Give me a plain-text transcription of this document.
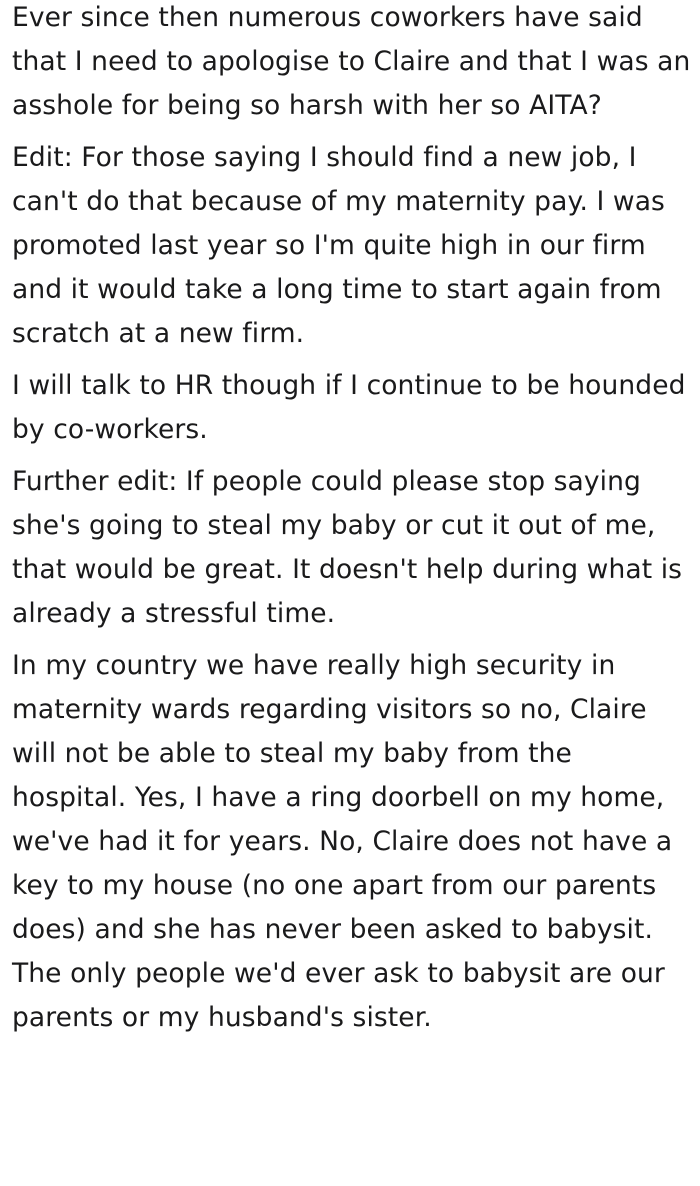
Ever since then numerous coworkers have said that I need to apologise to Claire and that I was an asshole for being so harsh with her so AITA?

Edit: For those saying I should find a new job, I can't do that because of my maternity pay. I was promoted last year so I'm quite high in our firm and it would take a long time to start again from scratch at a new firm.

I will talk to HR though if I continue to be hounded by co-workers.

Further edit: If people could please stop saying she's going to steal my baby or cut it out of me, that would be great. It doesn't help during what is already a stressful time.

In my country we have really high security in maternity wards regarding visitors so no, Claire will not be able to steal my baby from the hospital. Yes, I have a ring doorbell on my home, we've had it for years. No, Claire does not have a key to my house (no one apart from our parents does) and she has never been asked to babysit. The only people we'd ever ask to babysit are our parents or my husband's sister.
